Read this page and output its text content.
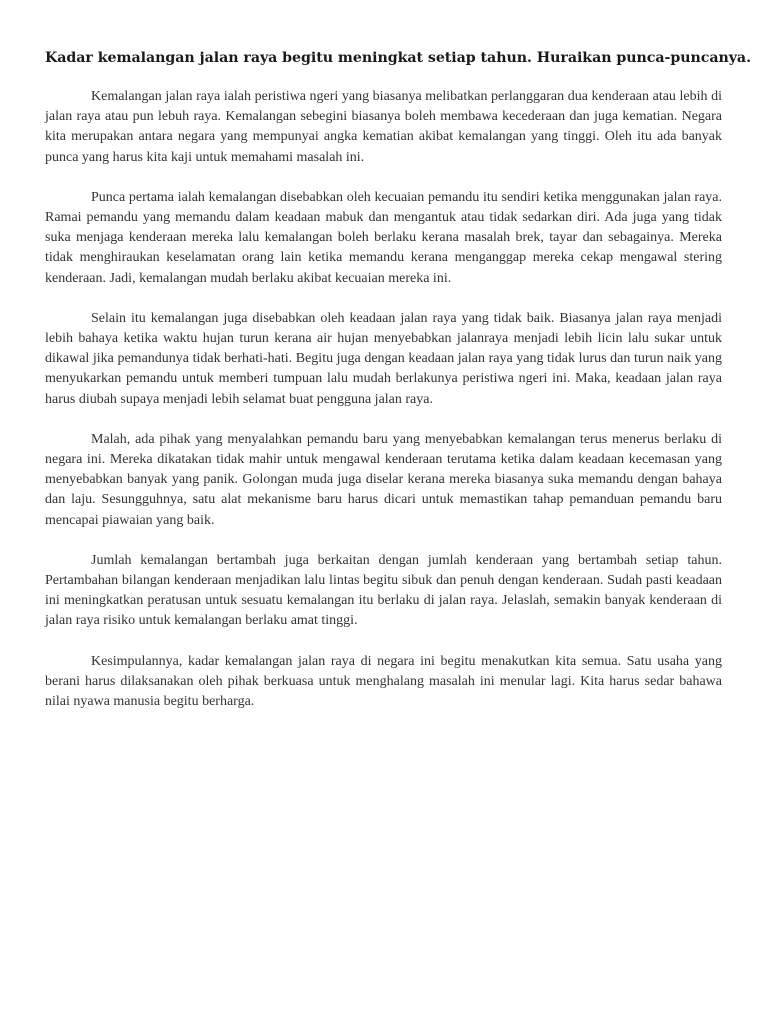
Kadar kemalangan jalan raya begitu meningkat setiap tahun. Huraikan punca-puncanya.

Kemalangan jalan raya ialah peristiwa ngeri yang biasanya melibatkan perlanggaran dua kenderaan atau lebih di jalan raya atau pun lebuh raya. Kemalangan sebegini biasanya boleh membawa kecederaan dan juga kematian. Negara kita merupakan antara negara yang mempunyai angka kematian akibat kemalangan yang tinggi. Oleh itu ada banyak punca yang harus kita kaji untuk memahami masalah ini.

Punca pertama ialah kemalangan disebabkan oleh kecuaian pemandu itu sendiri ketika menggunakan jalan raya. Ramai pemandu yang memandu dalam keadaan mabuk dan mengantuk atau tidak sedarkan diri. Ada juga yang tidak suka menjaga kenderaan mereka lalu kemalangan boleh berlaku kerana masalah brek, tayar dan sebagainya. Mereka tidak menghiraukan keselamatan orang lain ketika memandu kerana menganggap mereka cekap mengawal stering kenderaan. Jadi, kemalangan mudah berlaku akibat kecuaian mereka ini.

Selain itu kemalangan juga disebabkan oleh keadaan jalan raya yang tidak baik. Biasanya jalan raya menjadi lebih bahaya ketika waktu hujan turun kerana air hujan menyebabkan jalanraya menjadi lebih licin lalu sukar untuk dikawal jika pemandunya tidak berhati-hati. Begitu juga dengan keadaan jalan raya yang tidak lurus dan turun naik yang menyukarkan pemandu untuk memberi tumpuan lalu mudah berlakunya peristiwa ngeri ini. Maka, keadaan jalan raya harus diubah supaya menjadi lebih selamat buat pengguna jalan raya.

Malah, ada pihak yang menyalahkan pemandu baru yang menyebabkan kemalangan terus menerus berlaku di negara ini. Mereka dikatakan tidak mahir untuk mengawal kenderaan terutama ketika dalam keadaan kecemasan yang menyebabkan banyak yang panik. Golongan muda juga diselar kerana mereka biasanya suka memandu dengan bahaya dan laju. Sesungguhnya, satu alat mekanisme baru harus dicari untuk memastikan tahap pemanduan pemandu baru mencapai piawaian yang baik.

Jumlah kemalangan bertambah juga berkaitan dengan jumlah kenderaan yang bertambah setiap tahun. Pertambahan bilangan kenderaan menjadikan lalu lintas begitu sibuk dan penuh dengan kenderaan. Sudah pasti keadaan ini meningkatkan peratusan untuk sesuatu kemalangan itu berlaku di jalan raya. Jelaslah, semakin banyak kenderaan di jalan raya risiko untuk kemalangan berlaku amat tinggi.

Kesimpulannya, kadar kemalangan jalan raya di negara ini begitu menakutkan kita semua. Satu usaha yang berani harus dilaksanakan oleh pihak berkuasa untuk menghalang masalah ini menular lagi. Kita harus sedar bahawa nilai nyawa manusia begitu berharga.
